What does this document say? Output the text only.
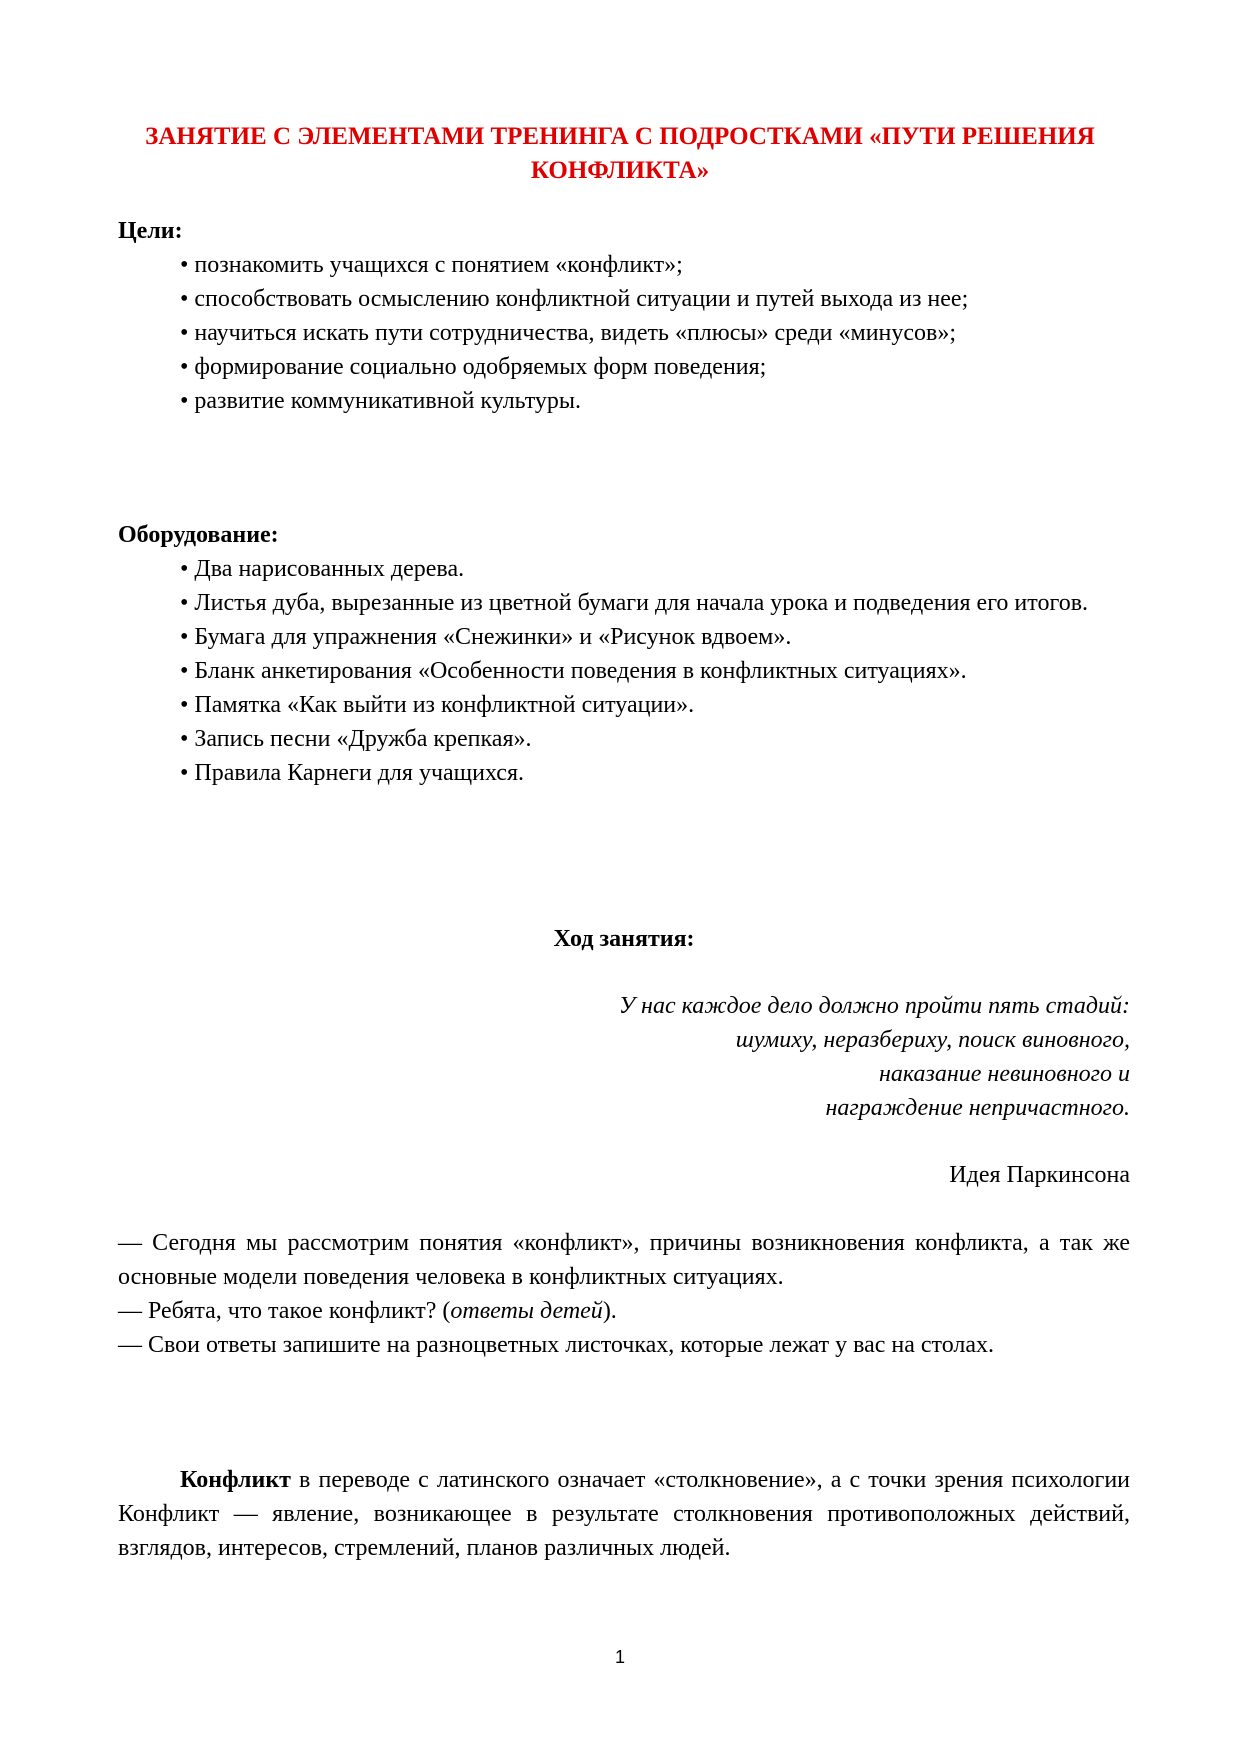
ЗАНЯТИЕ С ЭЛЕМЕНТАМИ ТРЕНИНГА С ПОДРОСТКАМИ «ПУТИ РЕШЕНИЯ КОНФЛИКТА»
Цели:

• познакомить учащихся с понятием «конфликт»;

• способствовать осмыслению конфликтной ситуации и путей выхода из нее;

• научиться искать пути сотрудничества, видеть «плюсы» среди «минусов»;

• формирование социально одобряемых форм поведения;

• развитие коммуникативной культуры.

Оборудование:

• Два нарисованных дерева.

• Листья дуба, вырезанные из цветной бумаги для начала урока и подведения его итогов.

• Бумага для упражнения «Снежинки» и «Рисунок вдвоем».

• Бланк анкетирования «Особенности поведения в конфликтных ситуациях».

• Памятка «Как выйти из конфликтной ситуации».

• Запись песни «Дружба крепкая».

• Правила Карнеги для учащихся.

Ход занятия:

У нас каждое дело должно пройти пять стадий:

шумиху, неразбериху, поиск виновного,

наказание невиновного и

награждение непричастного.

Идея Паркинсона

— Сегодня мы рассмотрим понятия «конфликт», причины возникновения конфликта, а так же основные модели поведения человека в конфликтных ситуациях.

— Ребята, что такое конфликт? (ответы детей).

— Свои ответы запишите на разноцветных листочках, которые лежат у вас на столах.

Конфликт в переводе с латинского означает «столкновение», а с точки зрения психологии Конфликт — явление, возникающее в результате столкновения противоположных действий, взглядов, интересов, стремлений, планов различных людей.
1
